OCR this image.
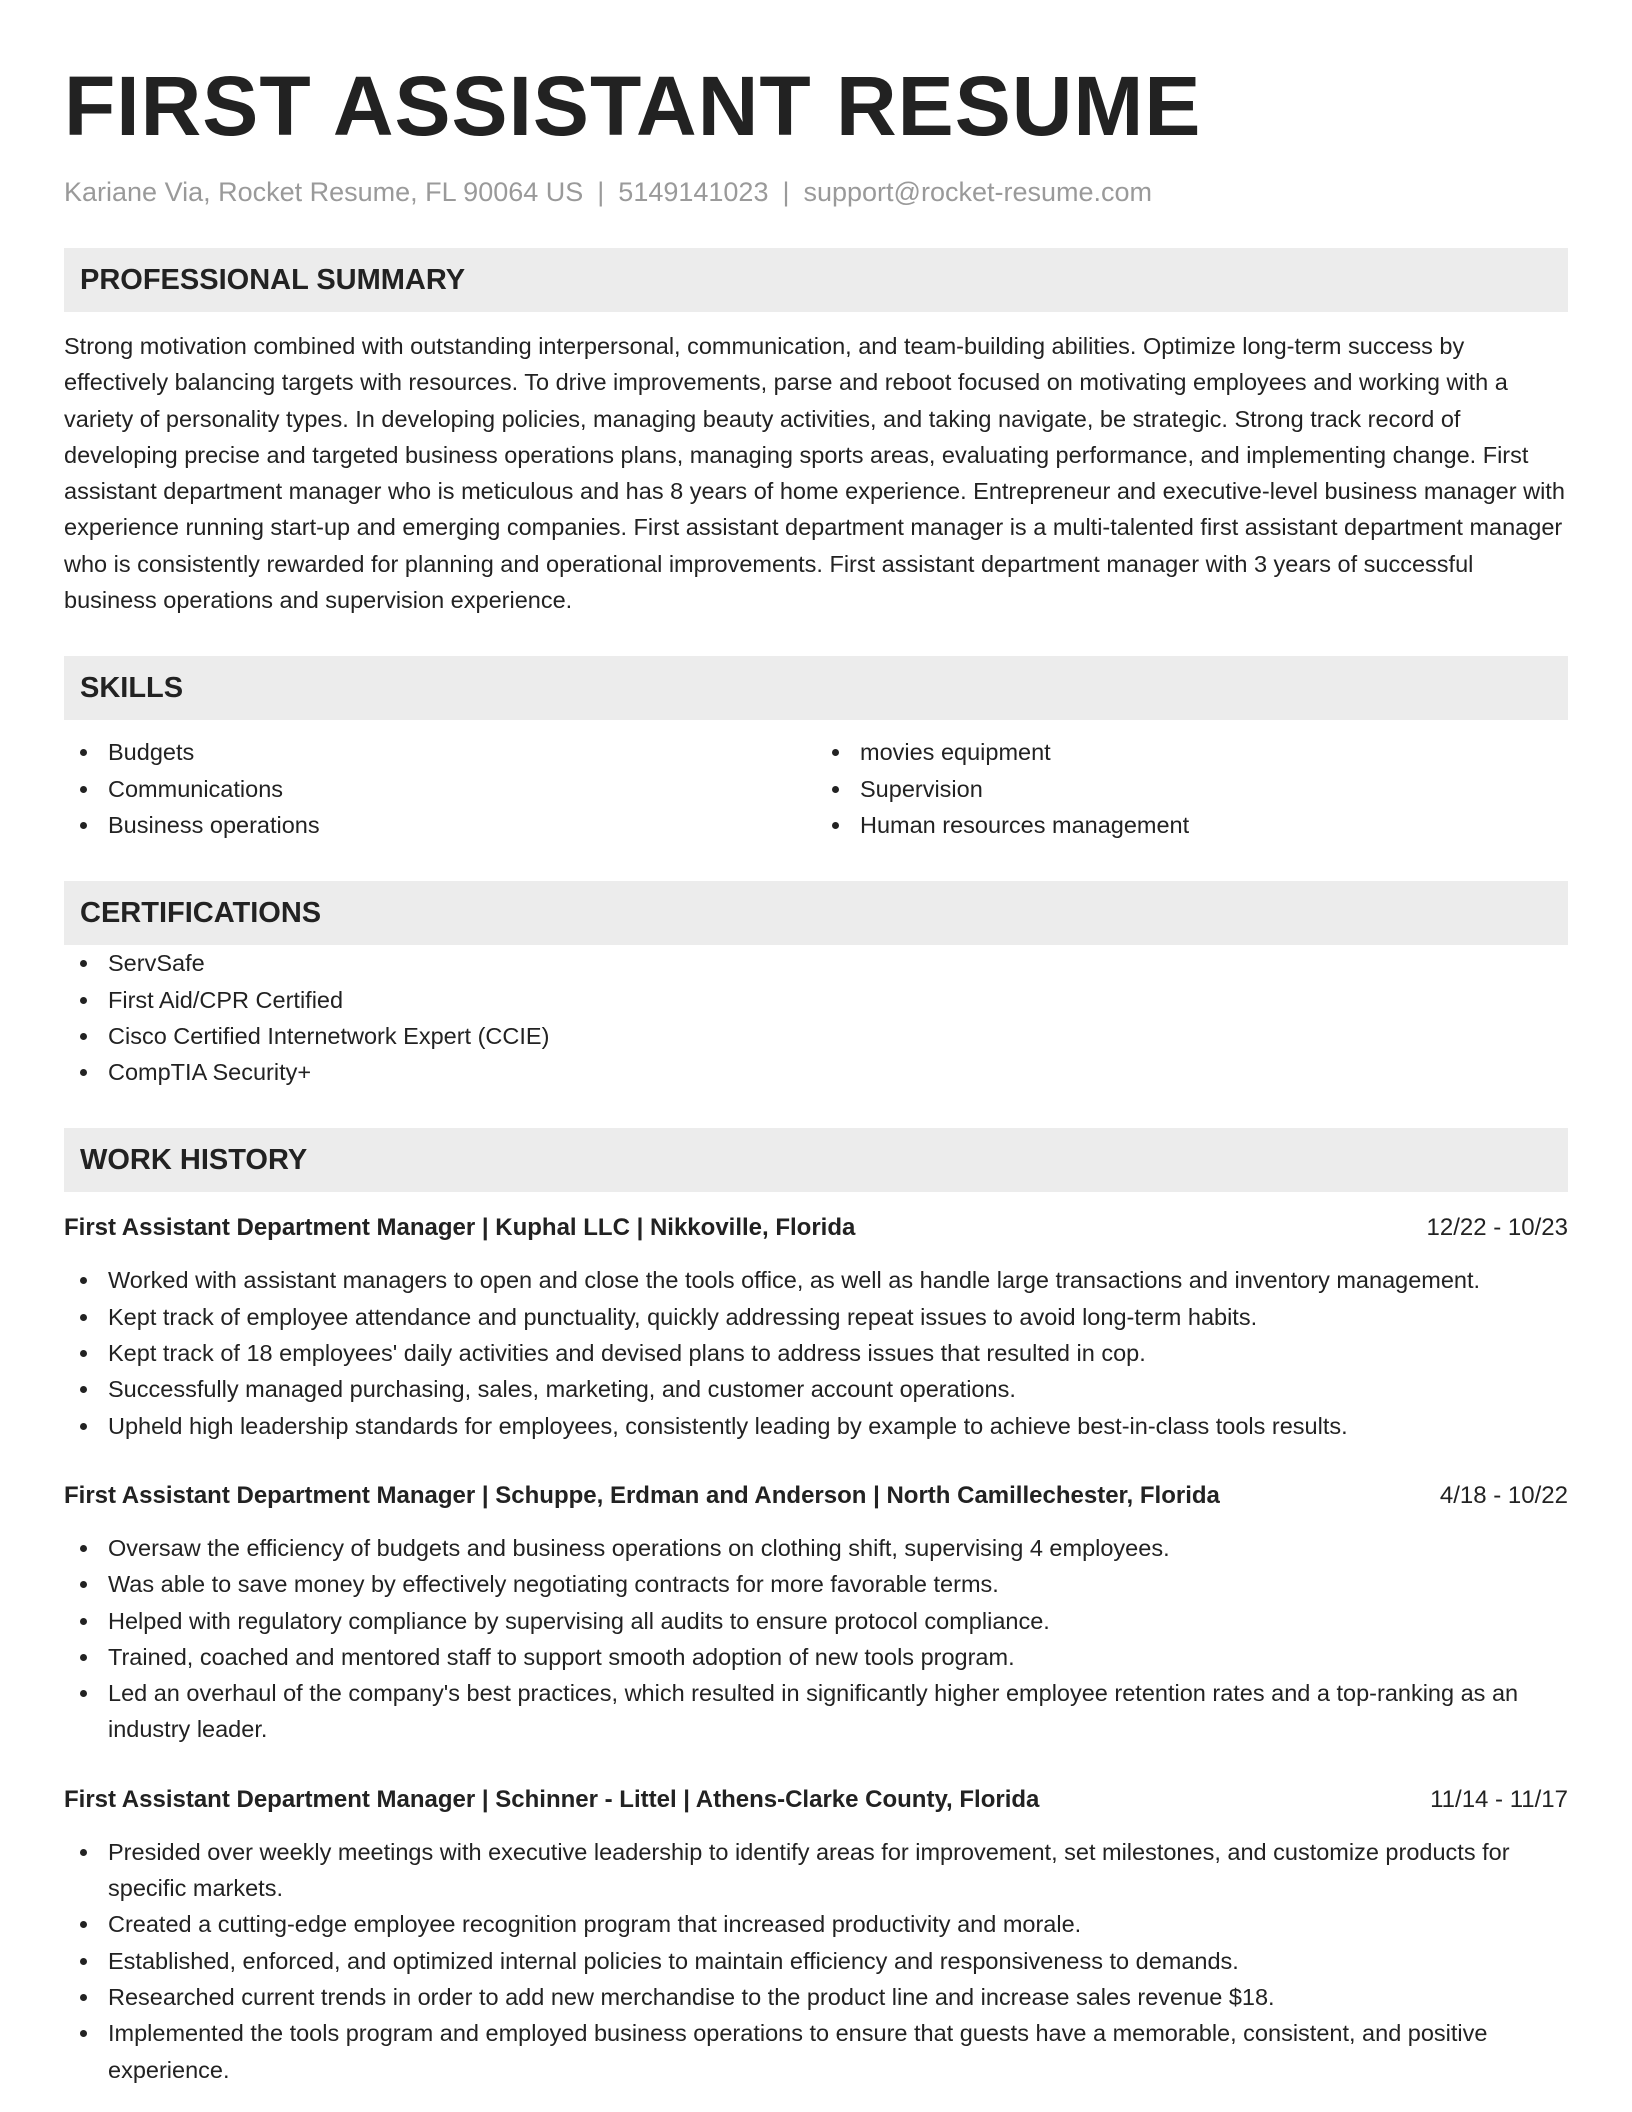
FIRST ASSISTANT RESUME
Kariane Via, Rocket Resume, FL 90064 US | 5149141023 | support@rocket-resume.com
PROFESSIONAL SUMMARY
Strong motivation combined with outstanding interpersonal, communication, and team-building abilities. Optimize long-term success by effectively balancing targets with resources. To drive improvements, parse and reboot focused on motivating employees and working with a variety of personality types. In developing policies, managing beauty activities, and taking navigate, be strategic. Strong track record of developing precise and targeted business operations plans, managing sports areas, evaluating performance, and implementing change. First assistant department manager who is meticulous and has 8 years of home experience. Entrepreneur and executive-level business manager with experience running start-up and emerging companies. First assistant department manager is a multi-talented first assistant department manager who is consistently rewarded for planning and operational improvements. First assistant department manager with 3 years of successful business operations and supervision experience.
SKILLS
Budgets
Communications
Business operations
movies equipment
Supervision
Human resources management
CERTIFICATIONS
ServSafe
First Aid/CPR Certified
Cisco Certified Internetwork Expert (CCIE)
CompTIA Security+
WORK HISTORY
First Assistant Department Manager | Kuphal LLC | Nikkoville, Florida	12/22 - 10/23
Worked with assistant managers to open and close the tools office, as well as handle large transactions and inventory management.
Kept track of employee attendance and punctuality, quickly addressing repeat issues to avoid long-term habits.
Kept track of 18 employees' daily activities and devised plans to address issues that resulted in cop.
Successfully managed purchasing, sales, marketing, and customer account operations.
Upheld high leadership standards for employees, consistently leading by example to achieve best-in-class tools results.
First Assistant Department Manager | Schuppe, Erdman and Anderson | North Camillechester, Florida	4/18 - 10/22
Oversaw the efficiency of budgets and business operations on clothing shift, supervising 4 employees.
Was able to save money by effectively negotiating contracts for more favorable terms.
Helped with regulatory compliance by supervising all audits to ensure protocol compliance.
Trained, coached and mentored staff to support smooth adoption of new tools program.
Led an overhaul of the company's best practices, which resulted in significantly higher employee retention rates and a top-ranking as an industry leader.
First Assistant Department Manager | Schinner - Littel | Athens-Clarke County, Florida	11/14 - 11/17
Presided over weekly meetings with executive leadership to identify areas for improvement, set milestones, and customize products for specific markets.
Created a cutting-edge employee recognition program that increased productivity and morale.
Established, enforced, and optimized internal policies to maintain efficiency and responsiveness to demands.
Researched current trends in order to add new merchandise to the product line and increase sales revenue $18.
Implemented the tools program and employed business operations to ensure that guests have a memorable, consistent, and positive experience.
